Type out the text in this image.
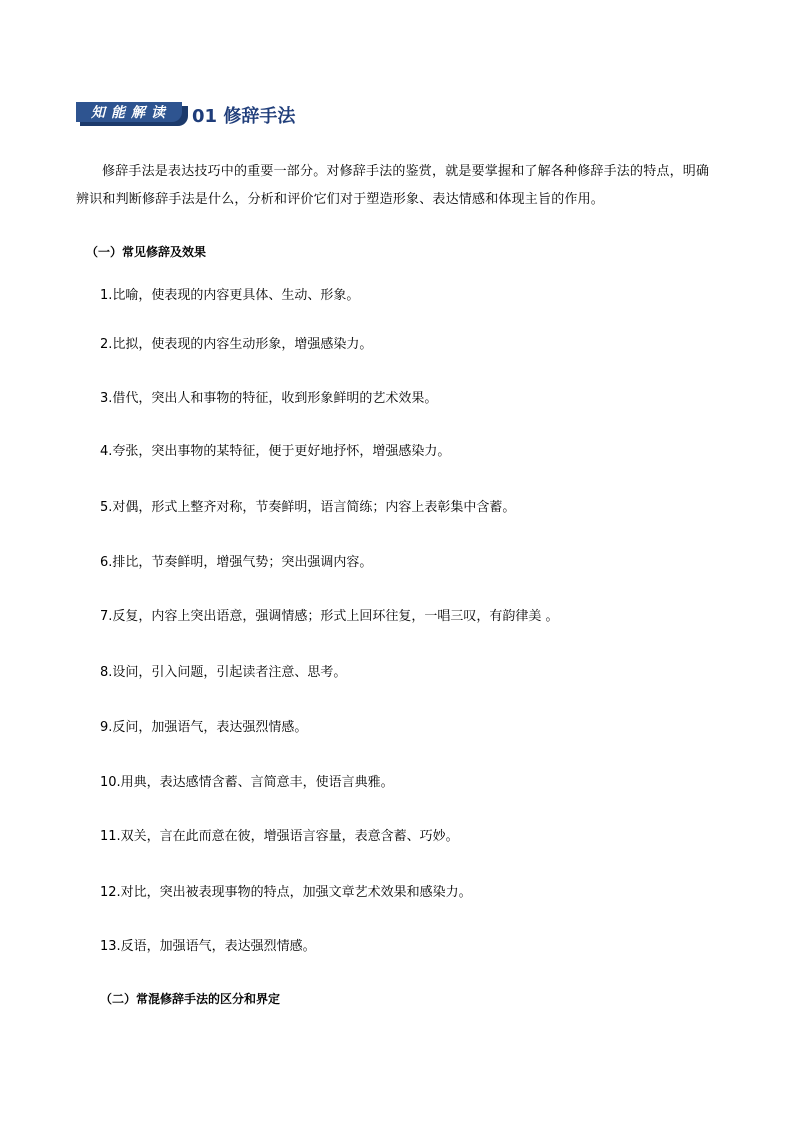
知能解读	01 修辞手法
修辞手法是表达技巧中的重要一部分。对修辞手法的鉴赏，就是要掌握和了解各种修辞手法的特点，明确辨识和判断修辞手法是什么，分析和评价它们对于塑造形象、表达情感和体现主旨的作用。
（一）常见修辞及效果
1.比喻，使表现的内容更具体、生动、形象。
2.比拟，使表现的内容生动形象，增强感染力。
3.借代，突出人和事物的特征，收到形象鲜明的艺术效果。
4.夸张，突出事物的某特征，便于更好地抒怀，增强感染力。
5.对偶，形式上整齐对称，节奏鲜明，语言简练；内容上表彰集中含蓄。
6.排比，节奏鲜明，增强气势；突出强调内容。
7.反复，内容上突出语意，强调情感；形式上回环往复，一唱三叹，有韵律美 。
8.设问，引入问题，引起读者注意、思考。
9.反问，加强语气，表达强烈情感。
10.用典，表达感情含蓄、言简意丰，使语言典雅。
11.双关，言在此而意在彼，增强语言容量，表意含蓄、巧妙。
12.对比，突出被表现事物的特点，加强文章艺术效果和感染力。
13.反语，加强语气，表达强烈情感。
（二）常混修辞手法的区分和界定
